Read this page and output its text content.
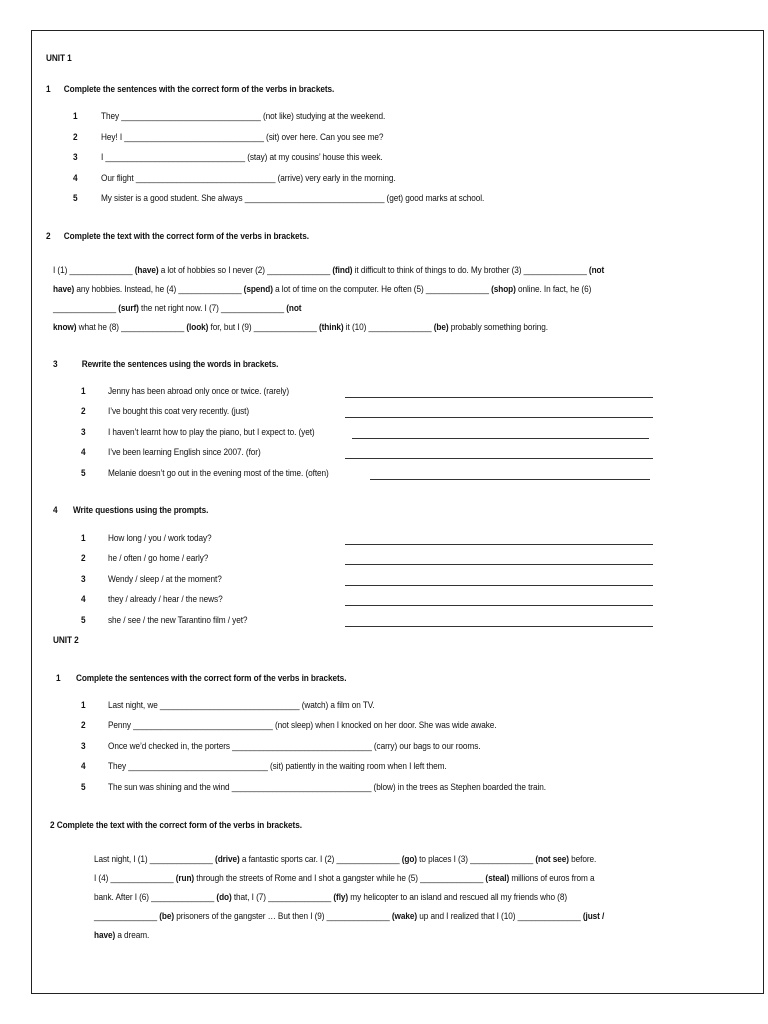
UNIT 1
1      Complete the sentences with the correct form of the verbs in brackets.
1 They _______________________________ (not like) studying at the weekend.
2 Hey! I _______________________________ (sit) over here. Can you see me?
3 I _______________________________ (stay) at my cousins’ house this week.
4 Our flight _______________________________ (arrive) very early in the morning.
5 My sister is a good student. She always _______________________________ (get) good marks at school.
2      Complete the text with the correct form of the verbs in brackets.
I (1) ______________ (have) a lot of hobbies so I never (2) ______________ (find) it difficult to think of things to do. My brother (3) ______________ (not
have) any hobbies. Instead, he (4) ______________ (spend) a lot of time on the computer. He often (5) ______________ (shop) online. In fact, he (6)
______________ (surf) the net right now. I (7) ______________ (not
know) what he (8) ______________ (look) for, but I (9) ______________ (think) it (10) ______________ (be) probably something boring.
3           Rewrite the sentences using the words in brackets.
1 Jenny has been abroad only once or twice. (rarely)
2 I’ve bought this coat very recently. (just)
3 I haven’t learnt how to play the piano, but I expect to. (yet)
4 I’ve been learning English since 2007. (for)
5 Melanie doesn’t go out in the evening most of the time. (often)
4       Write questions using the prompts.
1 How long / you / work today?
2 he / often / go home / early?
3 Wendy / sleep / at the moment?
4 they / already / hear / the news?
5 she / see / the new Tarantino film / yet?
UNIT 2
1       Complete the sentences with the correct form of the verbs in brackets.
1 Last night, we _______________________________ (watch) a film on TV.
2 Penny _______________________________ (not sleep) when I knocked on her door. She was wide awake.
3 Once we’d checked in, the porters _______________________________ (carry) our bags to our rooms.
4 They _______________________________ (sit) patiently in the waiting room when I left them.
5 The sun was shining and the wind _______________________________ (blow) in the trees as Stephen boarded the train.
2 Complete the text with the correct form of the verbs in brackets.
Last night, I (1) ______________ (drive) a fantastic sports car. I (2) ______________ (go) to places I (3) ______________ (not see) before.
I (4) ______________ (run) through the streets of Rome and I shot a gangster while he (5) ______________ (steal) millions of euros from a
bank. After I (6) ______________ (do) that, I (7) ______________ (fly) my helicopter to an island and rescued all my friends who (8)
______________ (be) prisoners of the gangster … But then I (9) ______________ (wake) up and I realized that I (10) ______________ (just /
have) a dream.
